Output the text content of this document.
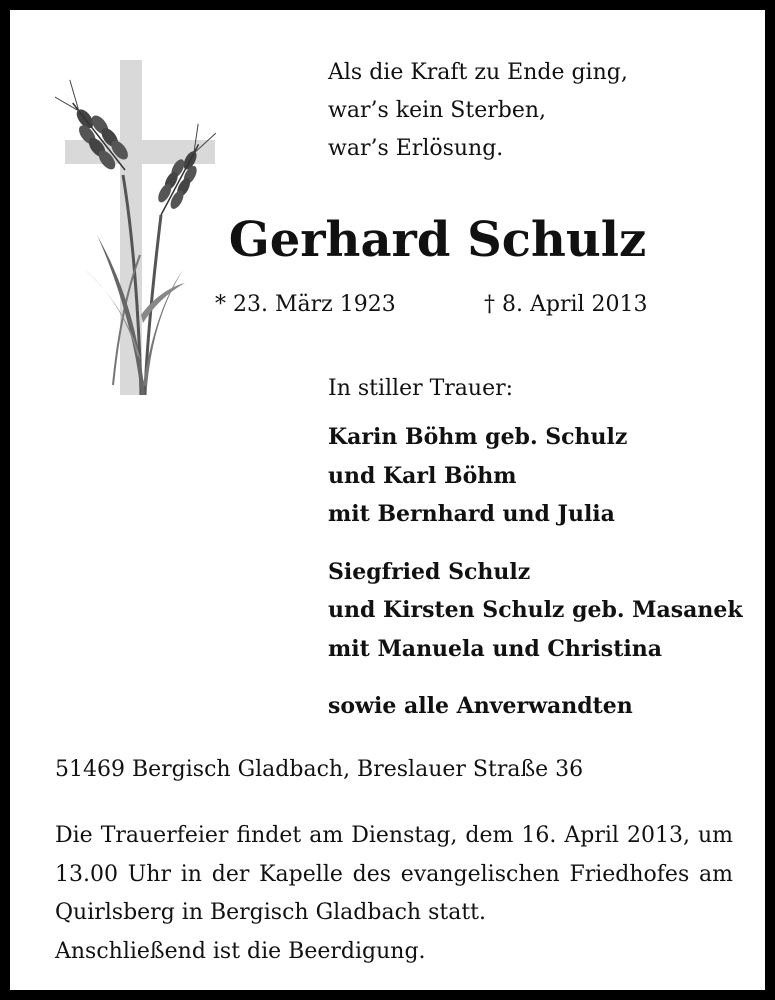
Als die Kraft zu Ende ging,
war’s kein Sterben,
war’s Erlösung.
Gerhard Schulz
* 23. März 1923	† 8. April 2013
In stiller Trauer:
Karin Böhm geb. Schulz
und Karl Böhm
mit Bernhard und Julia
Siegfried Schulz
und Kirsten Schulz geb. Masanek
mit Manuela und Christina
sowie alle Anverwandten
51469 Bergisch Gladbach, Breslauer Straße 36
Die Trauerfeier findet am Dienstag, dem 16. April 2013, um
13.00 Uhr in der Kapelle des evangelischen Friedhofes am
Quirlsberg in Bergisch Gladbach statt.
Anschließend ist die Beerdigung.
